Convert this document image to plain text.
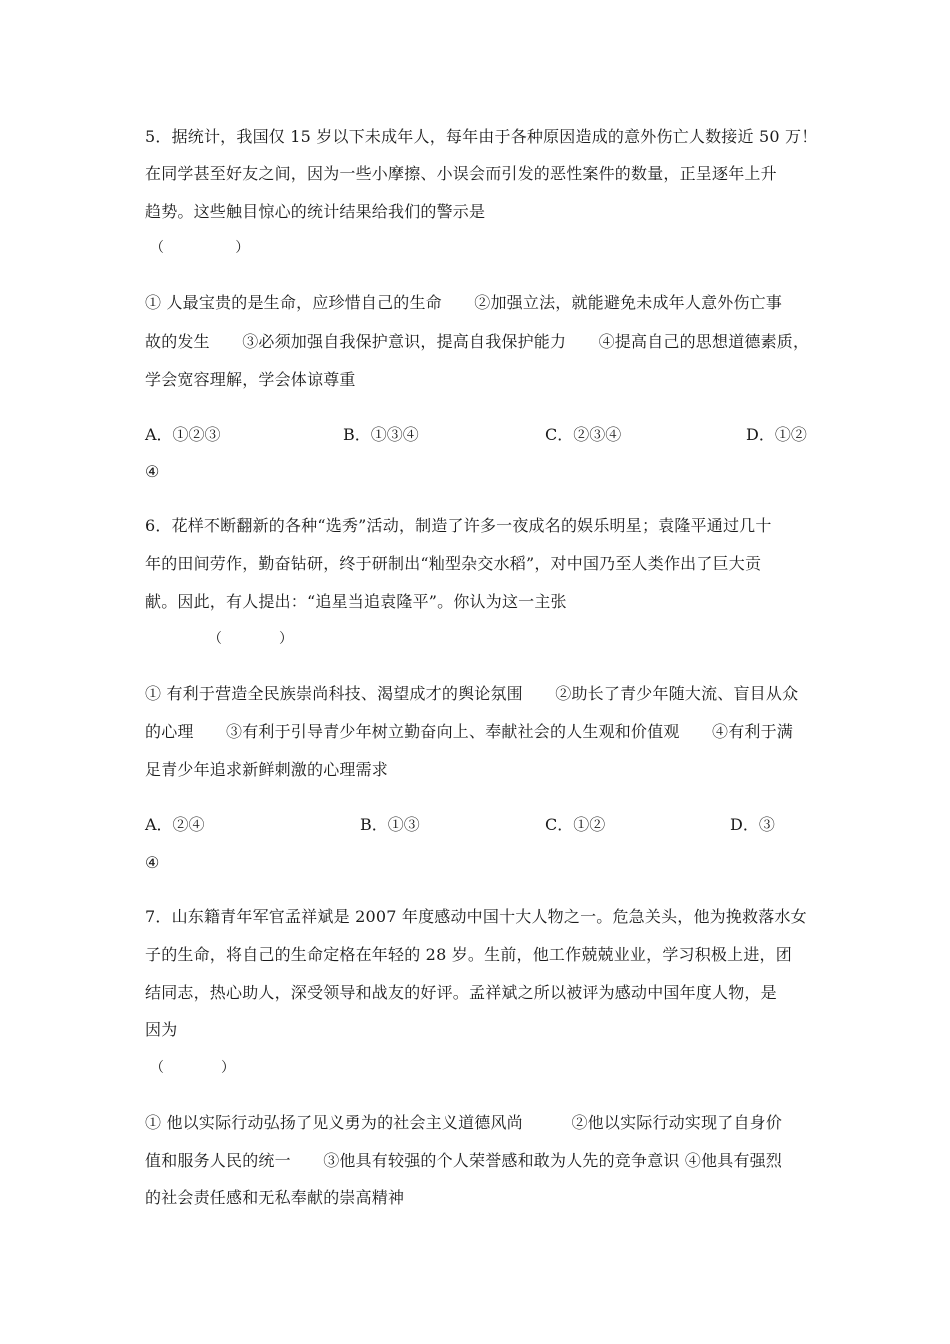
5．据统计，我国仅 15 岁以下未成年人，每年由于各种原因造成的意外伤亡人数接近 50 万！
在同学甚至好友之间，因为一些小摩擦、小误会而引发的恶性案件的数量，正呈逐年上升
趋势。这些触目惊心的统计结果给我们的警示是
（　　　　　）
① 人最宝贵的是生命，应珍惜自己的生命　　②加强立法，就能避免未成年人意外伤亡事
故的发生　　③必须加强自我保护意识，提高自我保护能力　　④提高自己的思想道德素质，
学会宽容理解，学会体谅尊重
A．①②③	B．①③④	C．②③④	D．①②
④
6．花样不断翻新的各种“选秀”活动，制造了许多一夜成名的娱乐明星；袁隆平通过几十
年的田间劳作，勤奋钻研，终于研制出“籼型杂交水稻”，对中国乃至人类作出了巨大贡
献。因此，有人提出：“追星当追袁隆平”。你认为这一主张
（　　　　）
① 有利于营造全民族崇尚科技、渴望成才的舆论氛围　　②助长了青少年随大流、盲目从众
的心理　　③有利于引导青少年树立勤奋向上、奉献社会的人生观和价值观　　④有利于满
足青少年追求新鲜刺激的心理需求
A．②④	B．①③	C．①②	D．③
④
7．山东籍青年军官孟祥斌是 2007 年度感动中国十大人物之一。危急关头，他为挽救落水女
子的生命，将自己的生命定格在年轻的 28 岁。生前，他工作兢兢业业，学习积极上进，团
结同志，热心助人，深受领导和战友的好评。孟祥斌之所以被评为感动中国年度人物，是
因为
（　　　　）
① 他以实际行动弘扬了见义勇为的社会主义道德风尚　　　②他以实际行动实现了自身价
值和服务人民的统一　　③他具有较强的个人荣誉感和敢为人先的竞争意识 ④他具有强烈
的社会责任感和无私奉献的崇高精神
